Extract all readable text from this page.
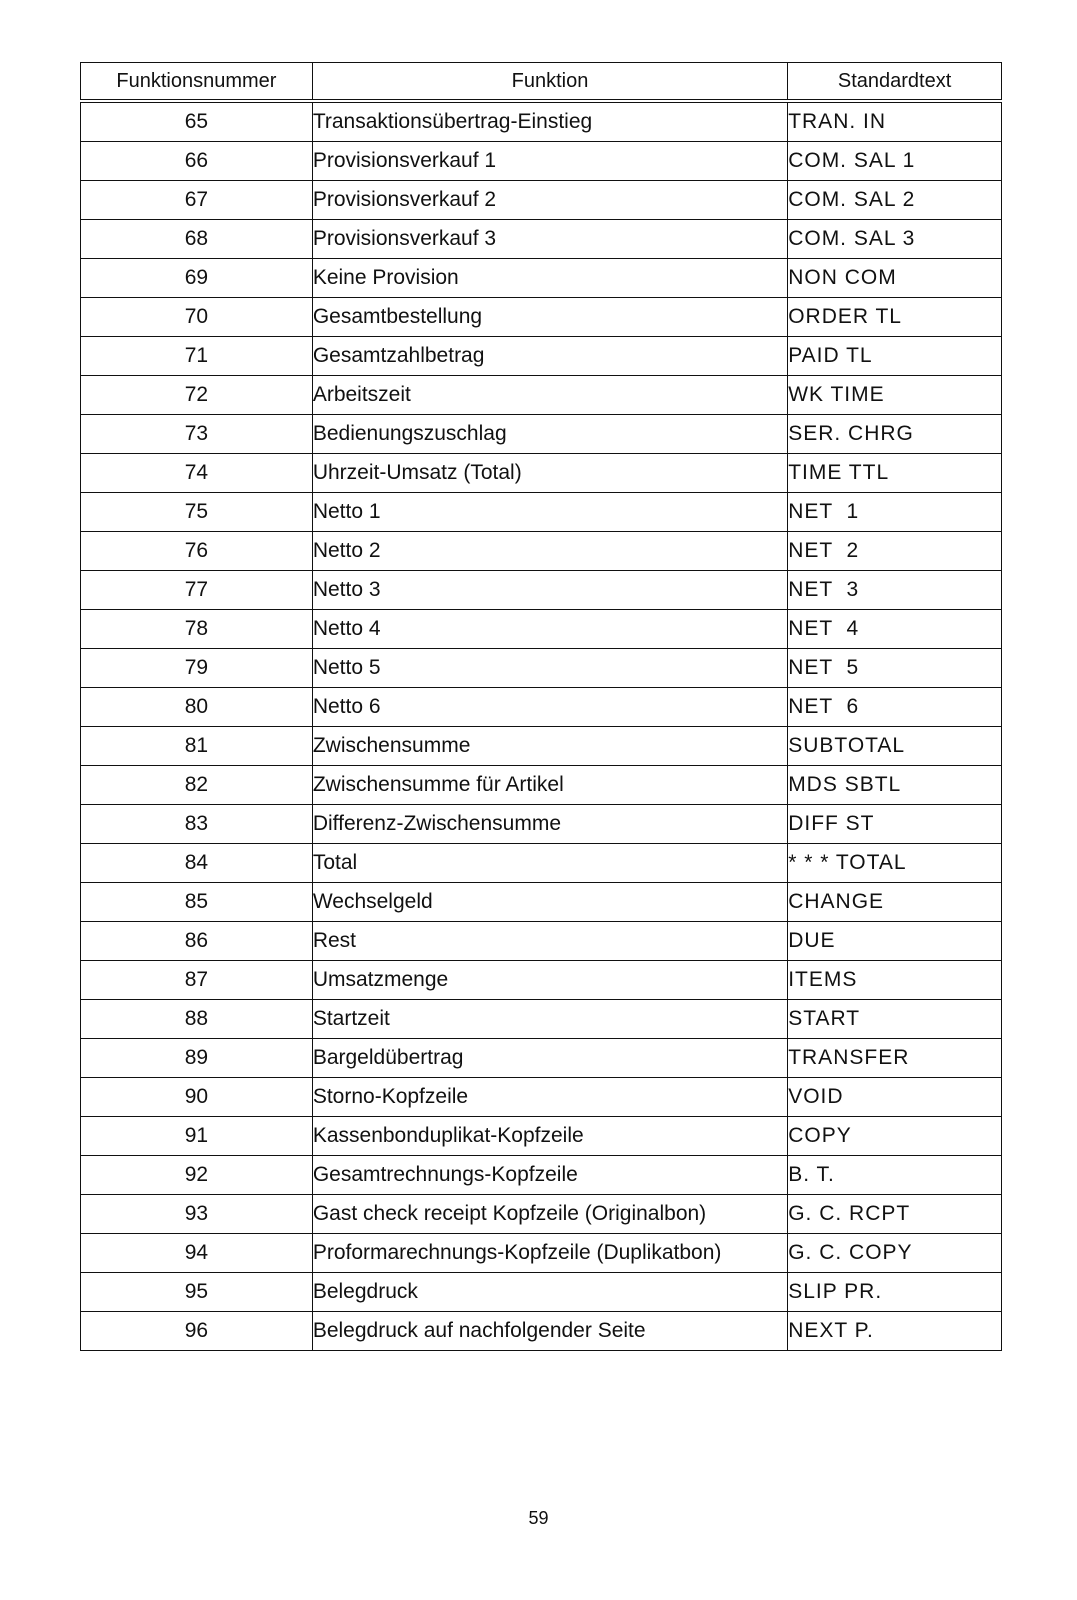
Funktionsnummer	Funktion	Standardtext
65	Transaktionsübertrag-Einstieg	TRAN. IN
66	Provisionsverkauf 1	COM. SAL 1
67	Provisionsverkauf 2	COM. SAL 2
68	Provisionsverkauf 3	COM. SAL 3
69	Keine Provision	NON COM
70	Gesamtbestellung	ORDER TL
71	Gesamtzahlbetrag	PAID TL
72	Arbeitszeit	WK TIME
73	Bedienungszuschlag	SER. CHRG
74	Uhrzeit-Umsatz (Total)	TIME TTL
75	Netto 1	NET  1
76	Netto 2	NET  2
77	Netto 3	NET  3
78	Netto 4	NET  4
79	Netto 5	NET  5
80	Netto 6	NET  6
81	Zwischensumme	SUBTOTAL
82	Zwischensumme für Artikel	MDS SBTL
83	Differenz-Zwischensumme	DIFF ST
84	Total	* * * TOTAL
85	Wechselgeld	CHANGE
86	Rest	DUE
87	Umsatzmenge	ITEMS
88	Startzeit	START
89	Bargeldübertrag	TRANSFER
90	Storno-Kopfzeile	VOID
91	Kassenbonduplikat-Kopfzeile	COPY
92	Gesamtrechnungs-Kopfzeile	B. T.
93	Gast check receipt Kopfzeile (Originalbon)	G. C. RCPT
94	Proformarechnungs-Kopfzeile (Duplikatbon)	G. C. COPY
95	Belegdruck	SLIP PR.
96	Belegdruck auf nachfolgender Seite	NEXT P.
59
